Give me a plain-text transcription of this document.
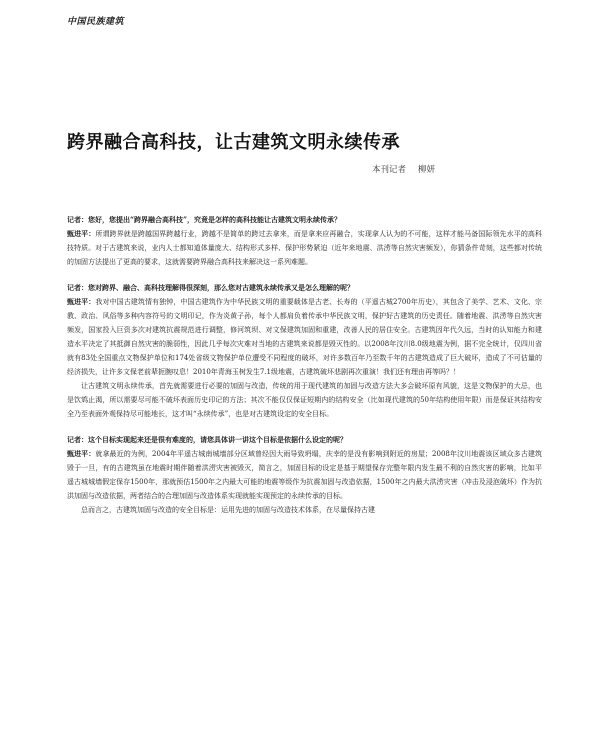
中国民族建筑
跨界融合高科技，让古建筑文明永续传承
本刊记者 柳妍

记者：您好，您提出“跨界融合高科技”，究竟是怎样的高科技能让古建筑文明永续传承？

甄进平：所谓跨界就是跨越国界跨越行业，跨越不是简单的跨过去拿来，而是拿来应再融合，实现拿人认为的不可能，这样才能马备国际领先水平的高科技特质。对于古建筑来说，业内人士都知道体量庞大、结构形式多样、保护形势紧迫（近年来地震、洪涝等自然灾害频发），你猜条件苛刻，这些都对传统的加固方法提出了更高的要求，这就需要跨界融合高科技来解决这一系列难题。

记者：您对跨界、融合、高科技理解得很深刻，那么您对古建筑永续传承又是怎么理解的呢？

甄进平：我对中国古建筑情有独钟，中国古建筑作为中华民族文明的重要载体是古老、长寿的（平遥古城2700年历史），其包含了美学、艺术、文化、宗教、政治、风俗等多种内容符号的文明印记，作为炎黄子孙，每个人都肩负着传承中华民族文明，保护好古建筑的历史责任。随着地震、洪涝等自然灾害频发，国家投入巨资多次对建筑抗震规范进行调整，修河筑坝、对文保建筑加固和重建，改善人民的居住安全。古建筑因年代久远，当时的认知能力和建造水平决定了其抵御自然灾害的脆弱性，因此几乎每次灾难对当地的古建筑来说都是毁灭性的。以2008年汶川8.0级地震为例，据不完全统计，仅四川省就有83处全国重点文物保护单位和174处省级文物保护单位遭受不同程度的破坏，对许多数百年乃至数千年的古建筑造成了巨大破坏，造成了不可估量的经济损失，让许多文保老前辈扼腕叹息！2010年青海玉树发生7.1级地震，古建筑破坏悲剧再次重演！我们还有理由再等吗？！

让古建筑文明永续传承，首先就需要进行必要的加固与改造，传统的用于现代建筑的加固与改造方法大多会破坏原有风貌，这是文物保护的大忌，也是饮鸩止渴，所以需要尽可能不破坏表面历史印记的方法；其次不能仅仅保证短期内的结构安全（比如现代建筑的50年结构使用年限）而是保证其结构安全乃至表面外观保持尽可能地长，这才叫“永续传承”，也是对古建筑设定的安全目标。

记者：这个目标实现起来还是很有难度的，请您具体讲一讲这个目标是依据什么设定的呢？

甄进平：就拿最近的为例，2004年平遥古城南城墙部分区域曾经因大雨导致坍塌，庆幸的是没有影响到附近的房屋；2008年汶川地震该区域众多古建筑毁于一旦，有的古建筑虽在地震时期伴随着洪涝灾害被毁灭，简言之，加固目标的设定是基于期望保存完整年限内发生最不利的自然灾害的影响，比如平遥古城城墙假定保存1500年，那就预估1500年之内最大可能的地震等级作为抗震加固与改造依据，1500年之内最大洪涝灾害（冲击及浸泡破坏）作为抗洪加固与改造依据，两者结合的合理加固与改造体系实现就能实现预定的永续传承的目标。

总而言之，古建筑加固与改造的安全目标是：运用先进的加固与改造技术体系，在尽量保持古建
